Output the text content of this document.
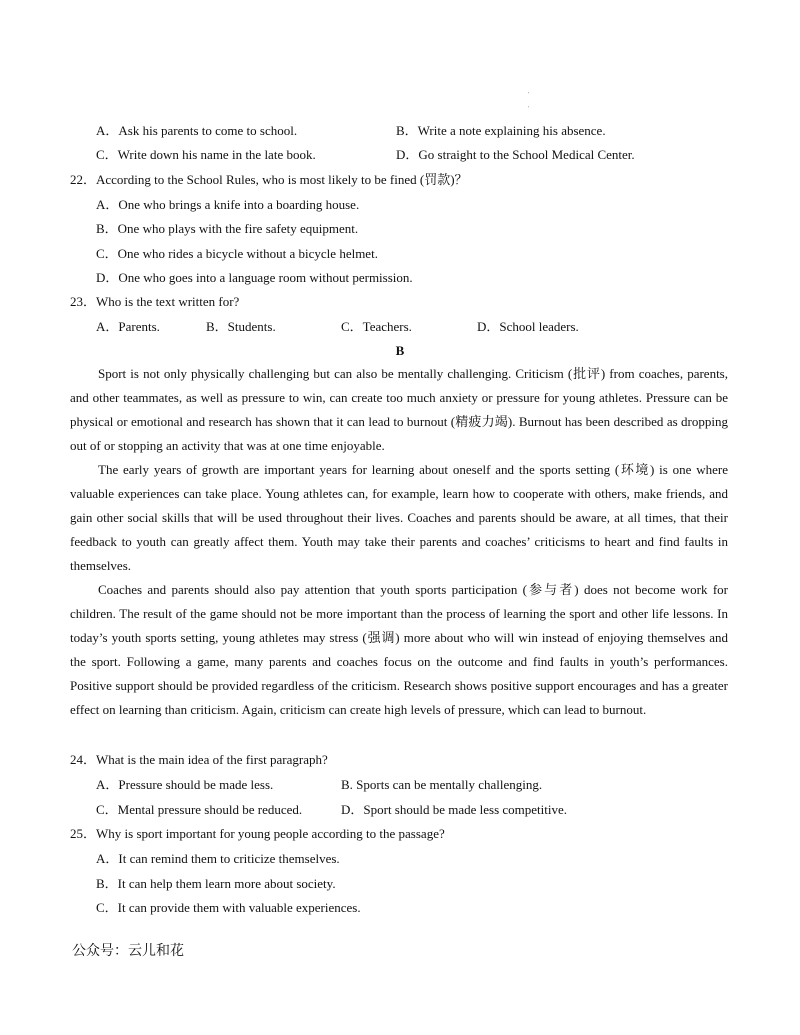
'
'
A．Ask his parents to come to school.	B．Write a note explaining his absence.
C．Write down his name in the late book.	D．Go straight to the School Medical Center.
22．According to the School Rules, who is most likely to be fined (罚款)？
A．One who brings a knife into a boarding house.
B．One who plays with the fire safety equipment.
C．One who rides a bicycle without a bicycle helmet.
D．One who goes into a language room without permission.
23．Who is the text written for?
A．Parents.	B．Students.	C．Teachers.	D．School leaders.
B
Sport is not only physically challenging but can also be mentally challenging. Criticism (批评) from coaches, parents, and other teammates, as well as pressure to win, can create too much anxiety or pressure for young athletes. Pressure can be physical or emotional and research has shown that it can lead to burnout (精疲力竭). Burnout has been described as dropping out of or stopping an activity that was at one time enjoyable.
The early years of growth are important years for learning about oneself and the sports setting (环境) is one where valuable experiences can take place. Young athletes can, for example, learn how to cooperate with others, make friends, and gain other social skills that will be used throughout their lives. Coaches and parents should be aware, at all times, that their feedback to youth can greatly affect them. Youth may take their parents and coaches’ criticisms to heart and find faults in themselves.
Coaches and parents should also pay attention that youth sports participation (参与者) does not become work for children. The result of the game should not be more important than the process of learning the sport and other life lessons. In today’s youth sports setting, young athletes may stress (强调) more about who will win instead of enjoying themselves and the sport. Following a game, many parents and coaches focus on the outcome and find faults in youth’s performances. Positive support should be provided regardless of the criticism. Research shows positive support encourages and has a greater effect on learning than criticism. Again, criticism can create high levels of pressure, which can lead to burnout.
24．What is the main idea of the first paragraph?
A．Pressure should be made less.	B. Sports can be mentally challenging.
C．Mental pressure should be reduced.	D．Sport should be made less competitive.
25．Why is sport important for young people according to the passage?
A．It can remind them to criticize themselves.
B．It can help them learn more about society.
C．It can provide them with valuable experiences.
公众号：云儿和花
